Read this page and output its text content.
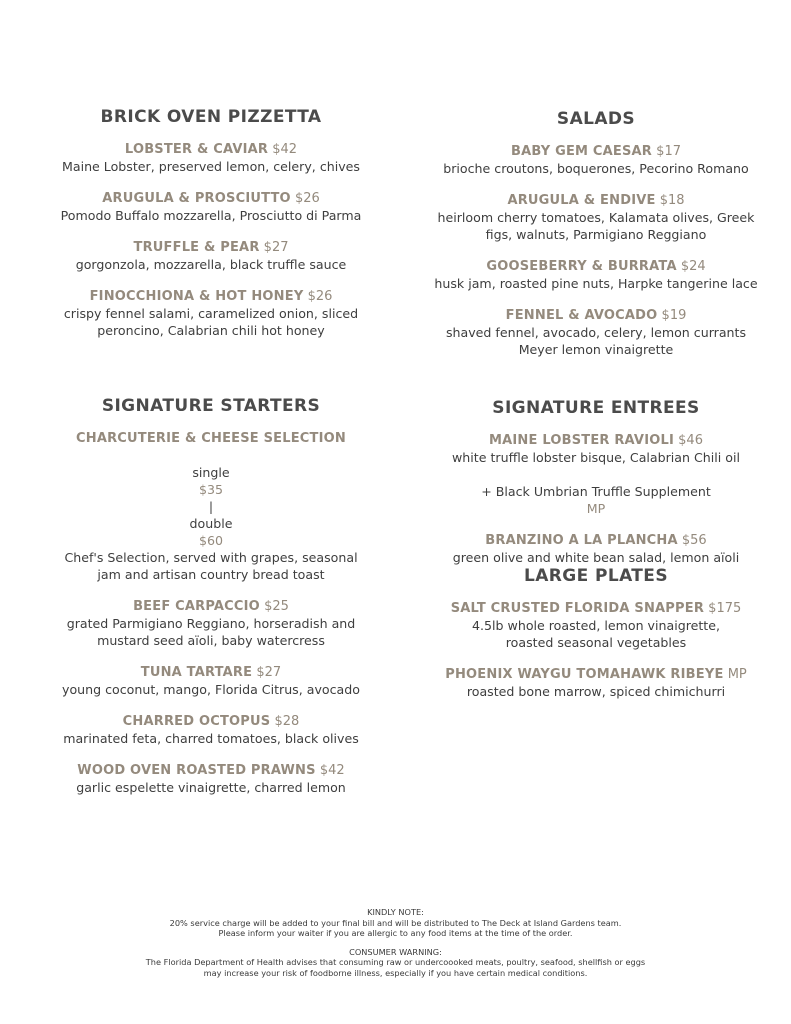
BRICK OVEN PIZZETTA
LOBSTER & CAVIAR $42
Maine Lobster, preserved lemon, celery, chives
ARUGULA & PROSCIUTTO $26
Pomodo Buffalo mozzarella, Prosciutto di Parma
TRUFFLE & PEAR $27
gorgonzola, mozzarella, black truffle sauce
FINOCCHIONA & HOT HONEY $26
crispy fennel salami, caramelized onion, sliced
peroncino, Calabrian chili hot honey
SIGNATURE STARTERS
CHARCUTERIE & CHEESE SELECTION

single
$35
|
double
$60

Chef's Selection, served with grapes, seasonal
jam and artisan country bread toast
BEEF CARPACCIO $25
grated Parmigiano Reggiano, horseradish and
mustard seed aïoli, baby watercress
TUNA TARTARE $27
young coconut, mango, Florida Citrus, avocado
CHARRED OCTOPUS $28
marinated feta, charred tomatoes, black olives
WOOD OVEN ROASTED PRAWNS $42
garlic espelette vinaigrette, charred lemon
SALADS
BABY GEM CAESAR $17
brioche croutons, boquerones, Pecorino Romano
ARUGULA & ENDIVE $18
heirloom cherry tomatoes, Kalamata olives, Greek
figs, walnuts, Parmigiano Reggiano
GOOSEBERRY & BURRATA $24
husk jam, roasted pine nuts, Harpke tangerine lace
FENNEL & AVOCADO $19
shaved fennel, avocado, celery, lemon currants
Meyer lemon vinaigrette
SIGNATURE ENTREES
MAINE LOBSTER RAVIOLI $46
white truffle lobster bisque, Calabrian Chili oil

+ Black Umbrian Truffle Supplement
MP

BRANZINO A LA PLANCHA $56
green olive and white bean salad, lemon aïoli
LARGE PLATES
SALT CRUSTED FLORIDA SNAPPER $175
4.5lb whole roasted, lemon vinaigrette,
roasted seasonal vegetables
PHOENIX WAYGU TOMAHAWK RIBEYE MP
roasted bone marrow, spiced chimichurri
KINDLY NOTE:
20% service charge will be added to your final bill and will be distributed to The Deck at Island Gardens team.
Please inform your waiter if you are allergic to any food items at the time of the order.
CONSUMER WARNING:
The Florida Department of Health advises that consuming raw or undercoooked meats, poultry, seafood, shellfish or eggs
may increase your risk of foodborne illness, especially if you have certain medical conditions.
